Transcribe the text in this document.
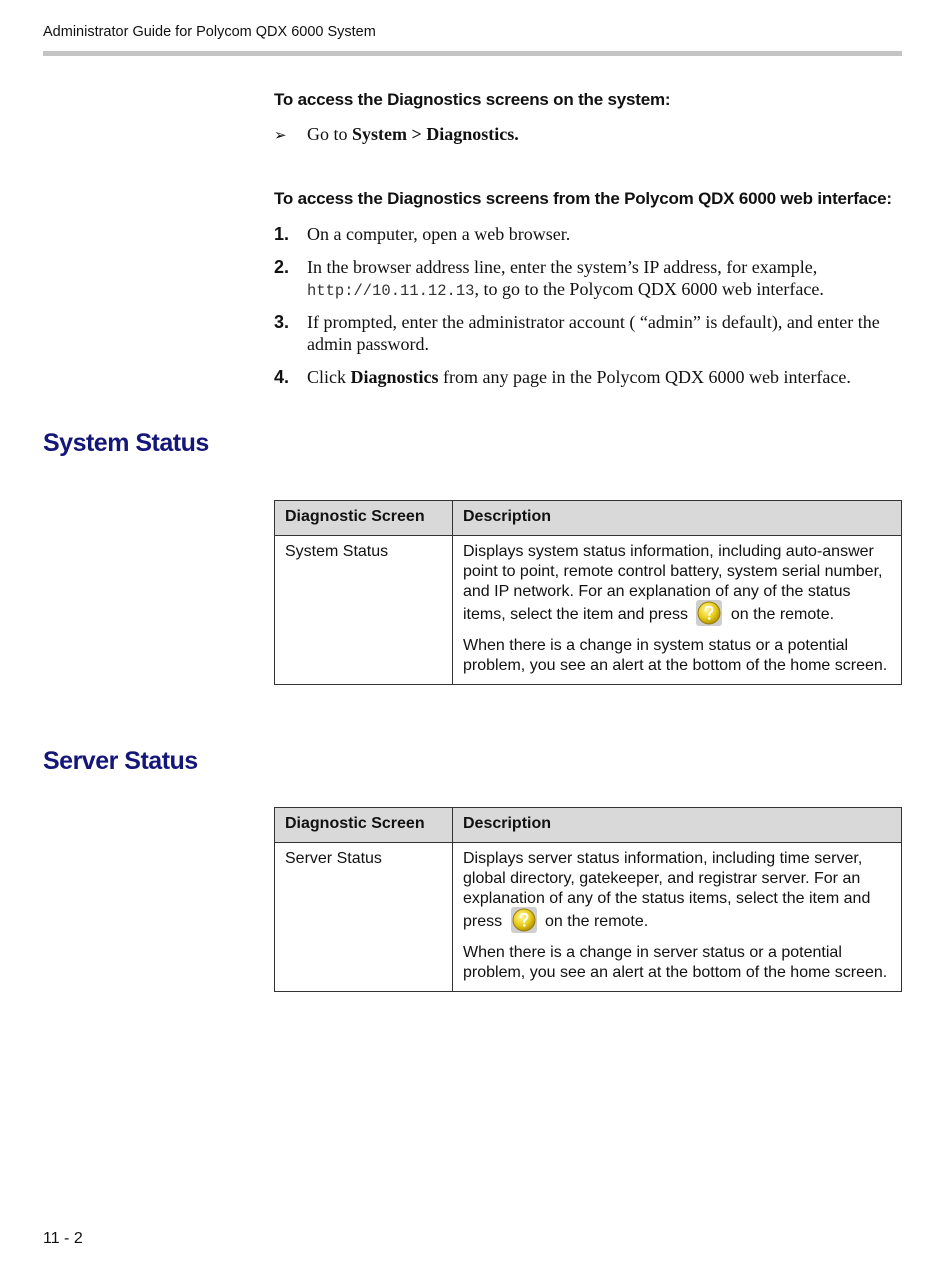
Administrator Guide for Polycom QDX 6000 System
To access the Diagnostics screens on the system:
➢ Go to System > Diagnostics.
To access the Diagnostics screens from the Polycom QDX 6000 web interface:
1. On a computer, open a web browser.
2. In the browser address line, enter the system’s IP address, for example, http://10.11.12.13, to go to the Polycom QDX 6000 web interface.
3. If prompted, enter the administrator account ( “admin” is default), and enter the admin password.
4. Click Diagnostics from any page in the Polycom QDX 6000 web interface.
System Status
Diagnostic Screen	Description
System Status	Displays system status information, including auto-answer point to point, remote control battery, system serial number, and IP network. For an explanation of any of the status items, select the item and press on the remote.

When there is a change in system status or a potential problem, you see an alert at the bottom of the home screen.

Server Status
Diagnostic Screen	Description
Server Status	Displays server status information, including time server, global directory, gatekeeper, and registrar server. For an explanation of any of the status items, select the item and press on the remote.

When there is a change in server status or a potential problem, you see an alert at the bottom of the home screen.

11 - 2
